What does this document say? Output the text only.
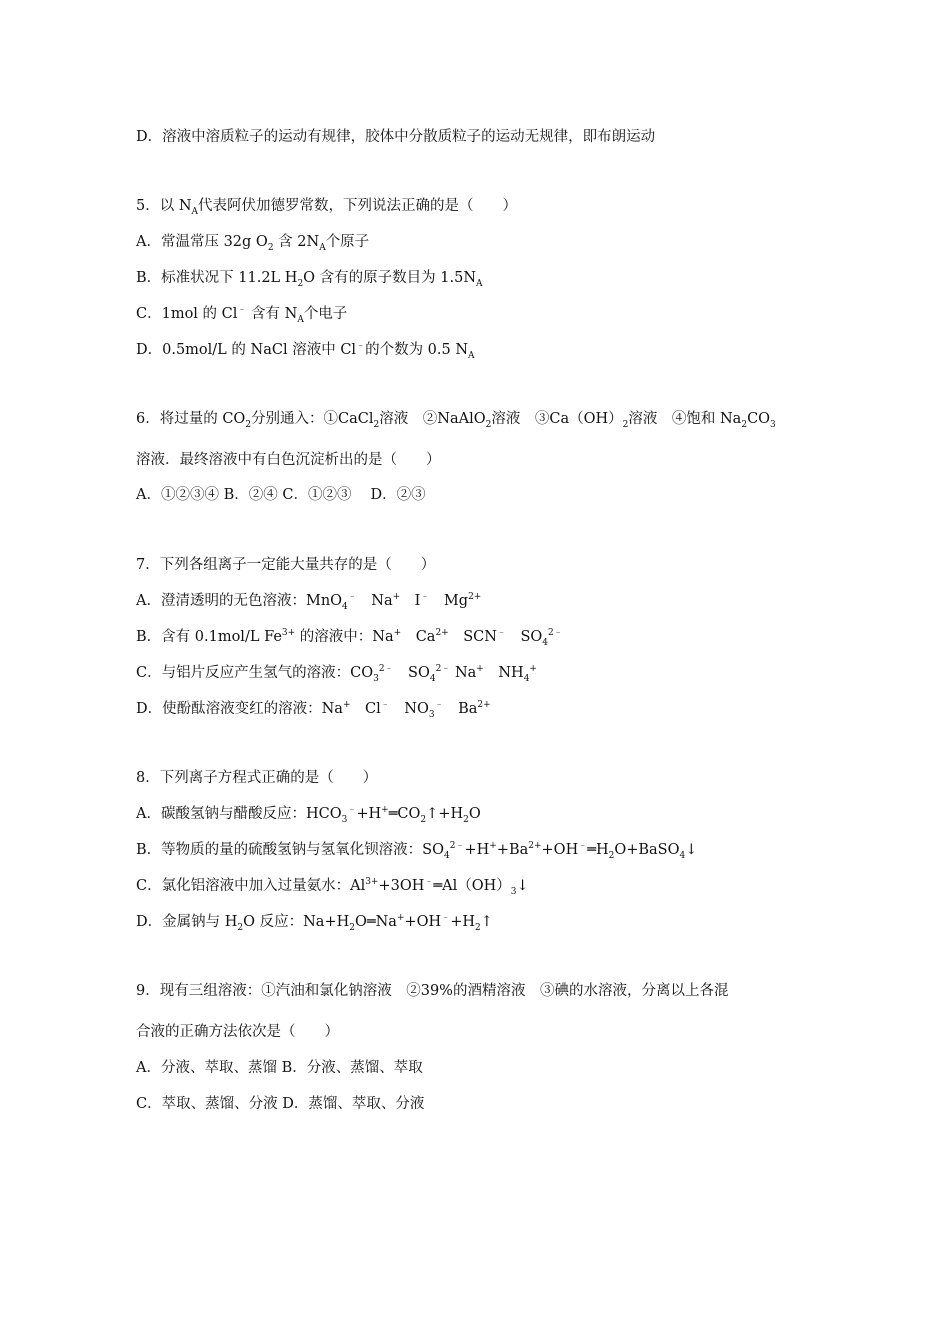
D．溶液中溶质粒子的运动有规律，胶体中分散质粒子的运动无规律，即布朗运动
5．以 $N_A$代表阿伏加德罗常数，下列说法正确的是（　　）
A．常温常压 32g $O_2$ 含 $2N_A$个原子
B．标准状况下 11.2L $H_2O$ 含有的原子数目为 $1.5N_A$
C．1mol 的 Cl﹣ 含有 $N_A$个电子
D．0.5mol/L 的 NaCl 溶液中 Cl﹣的个数为 0.5 $N_A$
6．将过量的 $CO_2$分别通入：①CaCl$_2$溶液　②NaAlO$_2$溶液　$③Ca(OH)_2$溶液　④饱和 $Na_2CO_3$
溶液．最终溶液中有白色沉淀析出的是（　　）
A．①②③④ B．②④ C．①②③　 D．②③
7．下列各组离子一定能大量共存的是（　　）
A．澄清透明的无色溶液：MnO$_4$﹣　Na+　I﹣　$Mg^{2+}$
B．含有 0.1mol/L $Fe^{3+}$ 的溶液中：Na+　$Ca^{2+}$　SCN﹣　$SO_4^{2﹣}$
C．与铝片反应产生氢气的溶液：$CO_3^{2﹣}$　$SO_4^{2﹣}$ Na+　$NH_4^+$
D．使酚酞溶液变红的溶液：Na+　Cl﹣　$NO_3^﹣$　$Ba^{2+}$
8．下列离子方程式正确的是（　　）
A．碳酸氢钠与醋酸反应：$HCO_3^﹣+H^+═CO_2↑+H_2O$
B．等物质的量的硫酸氢钠与氢氧化钡溶液：$SO_4^{2﹣}+H^++Ba^{2+}+OH^﹣═H_2O+BaSO_4↓$
C．氯化铝溶液中加入过量氨水：$Al^{3+}+3OH^﹣═Al(OH)_3↓$
D．金属钠与 $H_2O$ 反应：$Na+H_2O═Na^++OH^﹣+H_2↑$
9．现有三组溶液：①汽油和氯化钠溶液　②39%的酒精溶液　③碘的水溶液，分离以上各混
合液的正确方法依次是（　　）
A．分液、萃取、蒸馏 B．分液、蒸馏、萃取
C．萃取、蒸馏、分液 D．蒸馏、萃取、分液
